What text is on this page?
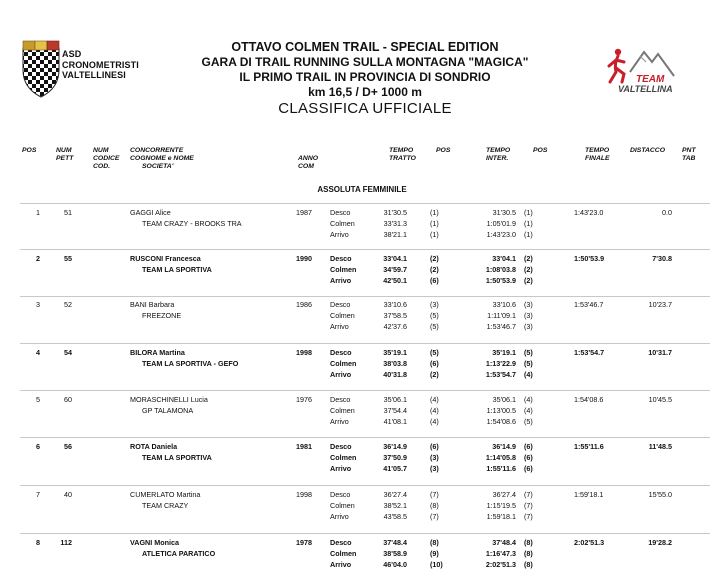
ASD
CRONOMETRISTI
VALTELLINESI	TEAM
VALTELLINA
OTTAVO COLMEN TRAIL - SPECIAL EDITION
GARA DI TRAIL RUNNING SULLA MONTAGNA "MAGICA"
IL PRIMO TRAIL IN PROVINCIA DI SONDRIO
km 16,5 / D+ 1000 m
CLASSIFICA UFFICIALE
POS	NUM
PETT
NUM
CODICE
COD.
CONCORRENTE
COGNOME e NOME
SOCIETA'
ANNO
COM
TEMPO
TRATTO
POS	TEMPO
INTER.
POS	TEMPO
FINALE
DISTACCO	PNT
TAB
ASSOLUTA FEMMINILE
1	51	GAGGI Alice
TEAM CRAZY - BROOKS TRA
1987	Desco	31'30.5	(1)	31'30.5 (1)
Colmen	33'31.3	(1)	1:05'01.9 (1)
Arrivo	38'21.1	(1)	1:43'23.0 (1)
1:43'23.0	0.0
2	55	RUSCONI Francesca
TEAM LA SPORTIVA
1990	Desco	33'04.1	(2)	33'04.1 (2)
Colmen	34'59.7	(2)	1:08'03.8 (2)
Arrivo	42'50.1	(6)	1:50'53.9 (2)
1:50'53.9	7'30.8
3	52	BANI Barbara
FREEZONE
1986	Desco	33'10.6	(3)	33'10.6 (3)
Colmen	37'58.5	(5)	1:11'09.1 (3)
Arrivo	42'37.6	(5)	1:53'46.7 (3)
1:53'46.7	10'23.7
4	54	BILORA Martina
TEAM LA SPORTIVA - GEFO
1998	Desco	35'19.1	(5)	35'19.1 (5)
Colmen	38'03.8	(6)	1:13'22.9 (5)
Arrivo	40'31.8	(2)	1:53'54.7 (4)
1:53'54.7	10'31.7
5	60	MORASCHINELLI Lucia
GP TALAMONA
1976	Desco	35'06.1	(4)	35'06.1 (4)
Colmen	37'54.4	(4)	1:13'00.5 (4)
Arrivo	41'08.1	(4)	1:54'08.6 (5)
1:54'08.6	10'45.5
6	56	ROTA Daniela
TEAM LA SPORTIVA
1981	Desco	36'14.9	(6)	36'14.9 (6)
Colmen	37'50.9	(3)	1:14'05.8 (6)
Arrivo	41'05.7	(3)	1:55'11.6 (6)
1:55'11.6	11'48.5
7	40	CUMERLATO Martina
TEAM CRAZY
1998	Desco	36'27.4	(7)	36'27.4 (7)
Colmen	38'52.1	(8)	1:15'19.5 (7)
Arrivo	43'58.5	(7)	1:59'18.1 (7)
1:59'18.1	15'55.0
8	112	VAGNI Monica
ATLETICA PARATICO
1978	Desco	37'48.4	(8)	37'48.4 (8)
Colmen	38'58.9	(9)	1:16'47.3 (8)
Arrivo	46'04.0	(10)	2:02'51.3 (8)
2:02'51.3	19'28.2
